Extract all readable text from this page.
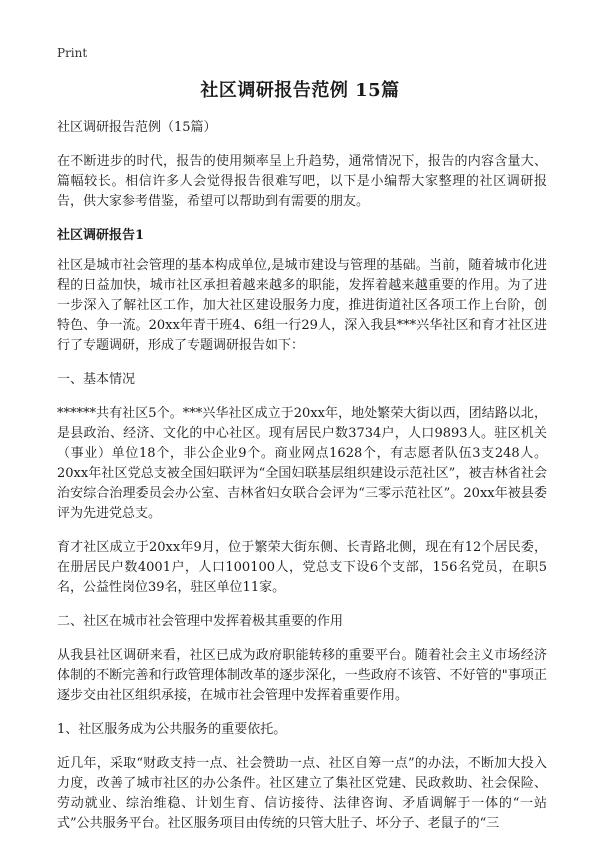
Print
社区调研报告范例 15篇

社区调研报告范例（15篇）

在不断进步的时代，报告的使用频率呈上升趋势，通常情况下，报告的内容含量大、篇幅较长。相信许多人会觉得报告很难写吧，以下是小编帮大家整理的社区调研报告，供大家参考借鉴，希望可以帮助到有需要的朋友。

社区调研报告1

社区是城市社会管理的基本构成单位,是城市建设与管理的基础。当前，随着城市化进程的日益加快，城市社区承担着越来越多的职能，发挥着越来越重要的作用。为了进一步深入了解社区工作，加大社区建设服务力度，推进街道社区各项工作上台阶，创特色、争一流。20xx年青干班4、6组一行29人，深入我县***兴华社区和育才社区进行了专题调研，形成了专题调研报告如下：

一、基本情况

******共有社区5个。***兴华社区成立于20xx年，地处繁荣大街以西，团结路以北，是县政治、经济、文化的中心社区。现有居民户数3734户，人口9893人。驻区机关（事业）单位18个，非公企业9个。商业网点1628个，有志愿者队伍3支248人。20xx年社区党总支被全国妇联评为“全国妇联基层组织建设示范社区”，被吉林省社会治安综合治理委员会办公室、吉林省妇女联合会评为“三零示范社区”。20xx年被县委评为先进党总支。

育才社区成立于20xx年9月，位于繁荣大街东侧、长青路北侧，现在有12个居民委，在册居民户数4001户，人口100100人，党总支下设6个支部，156名党员，在职5名，公益性岗位39名，驻区单位11家。

二、社区在城市社会管理中发挥着极其重要的作用

从我县社区调研来看，社区已成为政府职能转移的重要平台。随着社会主义市场经济体制的不断完善和行政管理体制改革的逐步深化，一些政府不该管、不好管的"事项正逐步交由社区组织承接，在城市社会管理中发挥着重要作用。

1、社区服务成为公共服务的重要依托。

近几年，采取“财政支持一点、社会赞助一点、社区自筹一点”的办法，不断加大投入力度，改善了城市社区的办公条件。社区建立了集社区党建、民政救助、社会保险、劳动就业、综治维稳、计划生育、信访接待、法律咨询、矛盾调解于一体的“一站式”公共服务平台。社区服务项目由传统的只管大肚子、坏分子、老鼠子的“三
